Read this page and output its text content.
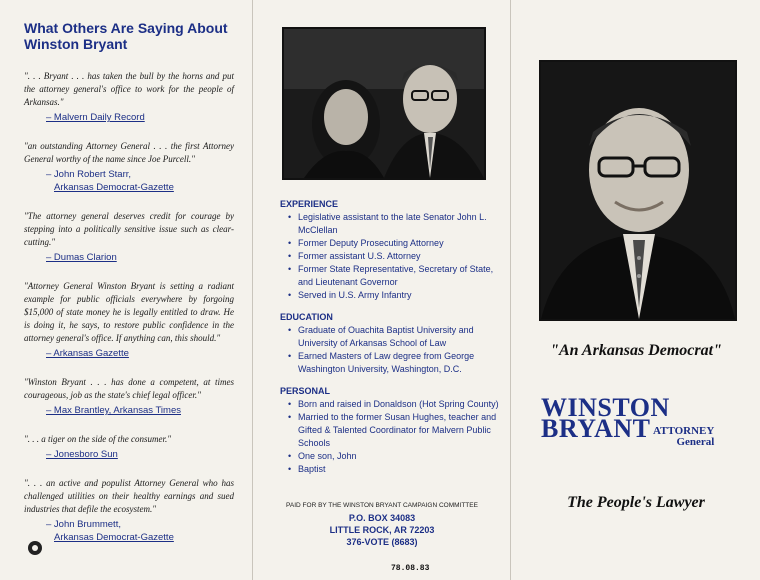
What Others Are Saying About Winston Bryant

". . . Bryant . . . has taken the bull by the horns and put the attorney general's office to work for the people of Arkansas."

– Malvern Daily Record

"an outstanding Attorney General . . . the first Attorney General worthy of the name since Joe Purcell."

– John Robert Starr,
Arkansas Democrat-Gazette

"The attorney general deserves credit for courage by stepping into a politically sensitive issue such as clear-cutting."

– Dumas Clarion

"Attorney General Winston Bryant is setting a radiant example for public officials everywhere by forgoing $15,000 of state money he is legally entitled to draw. He is doing it, he says, to restore public confidence in the attorney general's office. If anything can, this should."

– Arkansas Gazette

"Winston Bryant . . . has done a competent, at times courageous, job as the state's chief legal officer."

– Max Brantley, Arkansas Times

". . . a tiger on the side of the consumer."

– Jonesboro Sun

". . . an active and populist Attorney General who has challenged utilities on their healthy earnings and sued industries that defile the ecosystem."

– John Brummett,
Arkansas Democrat-Gazette
EXPERIENCE
• Legislative assistant to the late Senator John L. McClellan
• Former Deputy Prosecuting Attorney
• Former assistant U.S. Attorney
• Former State Representative, Secretary of State, and Lieutenant Governor
• Served in U.S. Army Infantry
EDUCATION
• Graduate of Ouachita Baptist University and University of Arkansas School of Law
• Earned Masters of Law degree from George Washington University, Washington, D.C.
PERSONAL
• Born and raised in Donaldson (Hot Spring County)
• Married to the former Susan Hughes, teacher and Gifted & Talented Coordinator for Malvern Public Schools
• One son, John
• Baptist
PAID FOR BY THE WINSTON BRYANT CAMPAIGN COMMITTEE
P.O. BOX 34083
LITTLE ROCK, AR 72203
376-VOTE (8683)
78.08.83
"An Arkansas Democrat"
WINSTON
BRYANT ATTORNEY
General
The People's Lawyer
